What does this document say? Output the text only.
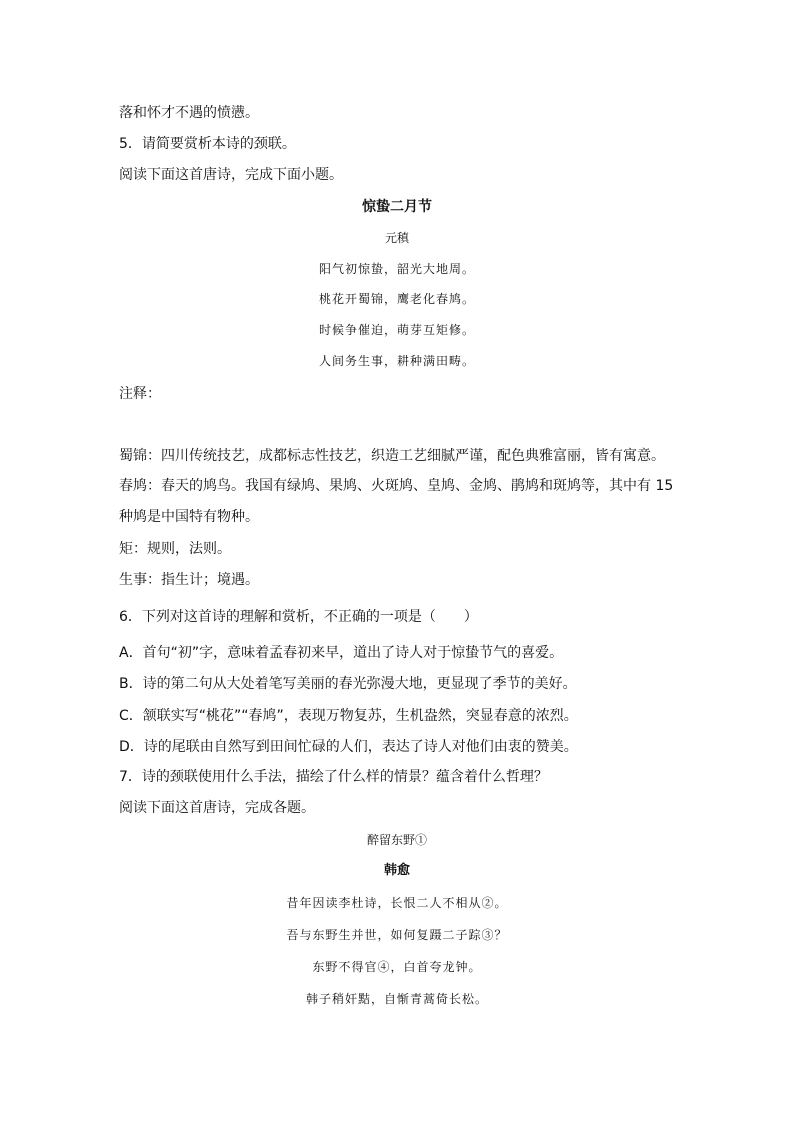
落和怀才不遇的愤懑。
5．请简要赏析本诗的颈联。
阅读下面这首唐诗，完成下面小题。
惊蛰二月节
元稹
阳气初惊蛰，韶光大地周。
桃花开蜀锦，鹰老化春鸠。
时候争催迫，萌芽互矩修。
人间务生事，耕种满田畴。
注释：
蜀锦：四川传统技艺，成都标志性技艺，织造工艺细腻严谨，配色典雅富丽，皆有寓意。
春鸠：春天的鸠鸟。我国有绿鸠、果鸠、火斑鸠、皇鸠、金鸠、鹃鸠和斑鸠等，其中有 15
种鸠是中国特有物种。
矩：规则，法则。
生事：指生计；境遇。
6．下列对这首诗的理解和赏析，不正确的一项是（　　）
A．首句“初”字，意味着孟春初来早，道出了诗人对于惊蛰节气的喜爱。
B．诗的第二句从大处着笔写美丽的春光弥漫大地，更显现了季节的美好。
C．颔联实写“桃花”“春鸠”，表现万物复苏，生机盎然，突显春意的浓烈。
D．诗的尾联由自然写到田间忙碌的人们，表达了诗人对他们由衷的赞美。
7．诗的颈联使用什么手法，描绘了什么样的情景？蕴含着什么哲理？
阅读下面这首唐诗，完成各题。
醉留东野①
韩愈
昔年因读李杜诗，长恨二人不相从②。
吾与东野生并世，如何复蹑二子踪③？
东野不得官④，白首夸龙钟。
韩子稍奸黠，自惭青蒿倚长松。
